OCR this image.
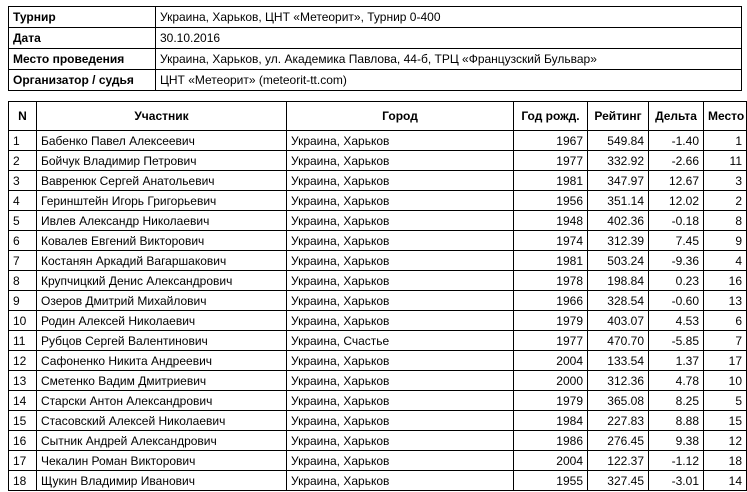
Турнир	Украина, Харьков, ЦНТ «Метеорит», Турнир 0-400
Дата	30.10.2016
Место проведения	Украина, Харьков, ул. Академика Павлова, 44-б, ТРЦ «Французский Бульвар»
Организатор / судья	ЦНТ «Метеорит» (meteorit-tt.com)
N	Участник	Город	Год рожд.	Рейтинг	Дельта	Место
1	Бабенко Павел Алексеевич	Украина, Харьков	1967	549.84	-1.40	1
2	Бойчук Владимир Петрович	Украина, Харьков	1977	332.92	-2.66	11
3	Вавренюк Сергей Анатольевич	Украина, Харьков	1981	347.97	12.67	3
4	Геринштейн Игорь Григорьевич	Украина, Харьков	1956	351.14	12.02	2
5	Ивлев Александр Николаевич	Украина, Харьков	1948	402.36	-0.18	8
6	Ковалев Евгений Викторович	Украина, Харьков	1974	312.39	7.45	9
7	Костанян Аркадий Вагаршакович	Украина, Харьков	1981	503.24	-9.36	4
8	Крупчицкий Денис Александрович	Украина, Харьков	1978	198.84	0.23	16
9	Озеров Дмитрий Михайлович	Украина, Харьков	1966	328.54	-0.60	13
10	Родин Алексей Николаевич	Украина, Харьков	1979	403.07	4.53	6
11	Рубцов Сергей Валентинович	Украина, Счастье	1977	470.70	-5.85	7
12	Сафоненко Никита Андреевич	Украина, Харьков	2004	133.54	1.37	17
13	Сметенко Вадим Дмитриевич	Украина, Харьков	2000	312.36	4.78	10
14	Старски Антон Александрович	Украина, Харьков	1979	365.08	8.25	5
15	Стасовский Алексей Николаевич	Украина, Харьков	1984	227.83	8.88	15
16	Сытник Андрей Александрович	Украина, Харьков	1986	276.45	9.38	12
17	Чекалин Роман Викторович	Украина, Харьков	2004	122.37	-1.12	18
18	Щукин Владимир Иванович	Украина, Харьков	1955	327.45	-3.01	14
